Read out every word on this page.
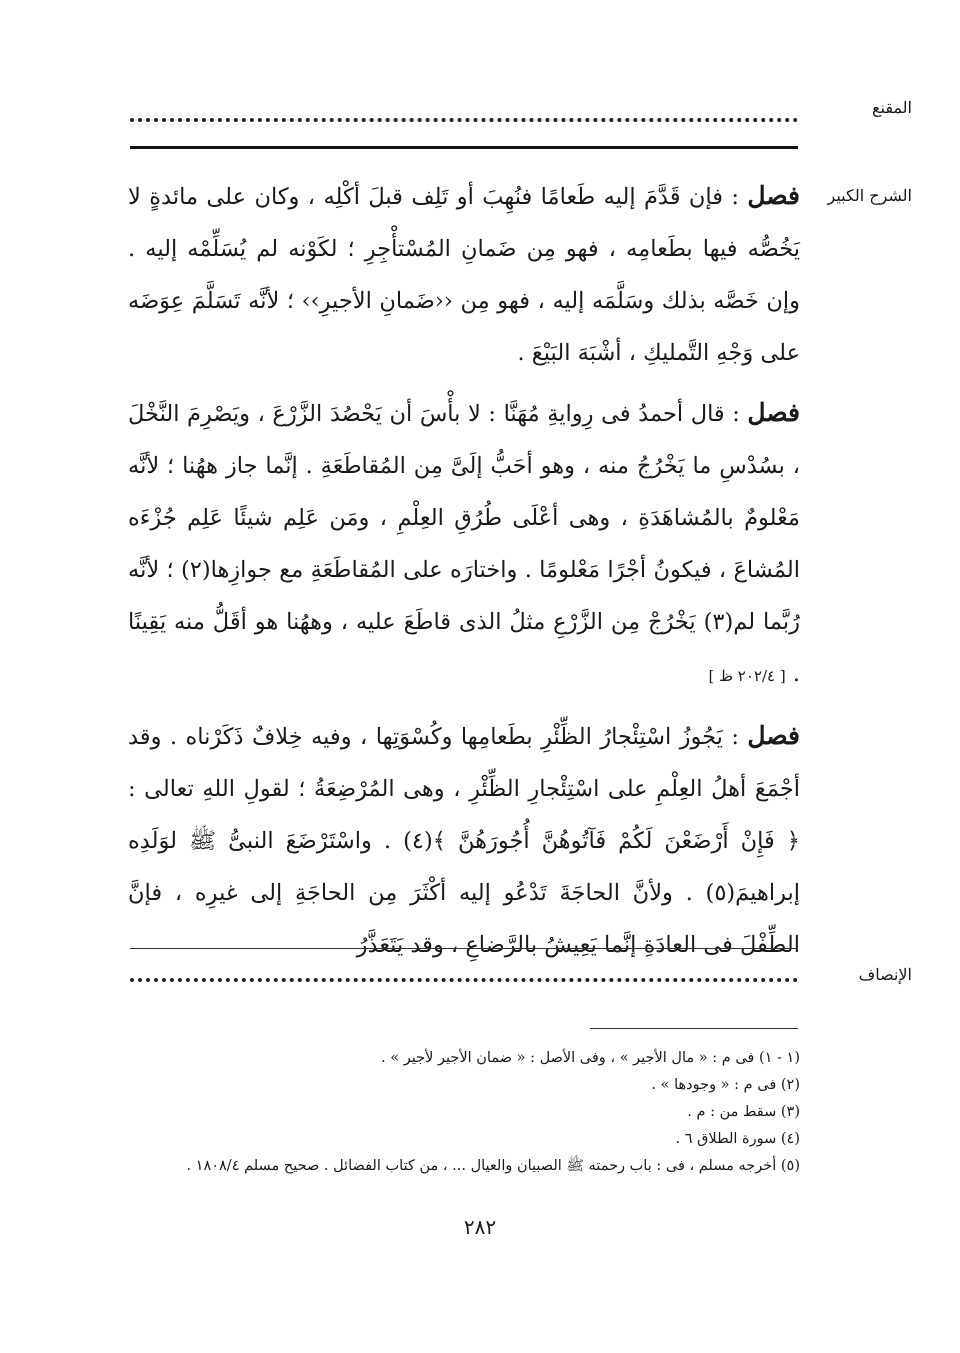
المقنع
الشرح الكبير

فصل : فإن قَدَّمَ إليه طَعامًا فنُهِبَ أو تَلِف قبلَ أكْلِه ، وكان على مائدةٍ لا يَخُصُّه فيها بطَعامِه ، فهو مِن ضَمانِ المُسْتأْجِرِ ؛ لكَوْنه لم يُسَلِّمْه إليه . وإن خَصَّه بذلك وسَلَّمَه إليه ، فهو مِن ‹‹ضَمانِ الأجيرِ›› ؛ لأنَّه تَسَلَّمَ عِوَضَه على وَجْهِ التَّمليكِ ، أشْبَهَ البَيْعَ .

فصل : قال أحمدُ فى رِوايةِ مُهَنَّا : لا بأْسَ أن يَحْصُدَ الزَّرْعَ ، ويَصْرِمَ النَّخْلَ ، بسُدْسِ ما يَخْرُجُ منه ، وهو أحَبُّ إلَىَّ مِن المُقاطَعَةِ . إنَّما جاز ههُنا ؛ لأنَّه مَعْلومٌ بالمُشاهَدَةِ ، وهى أعْلَى طُرُقِ العِلْمِ ، ومَن عَلِم شيئًا عَلِم جُزْءَه المُشاعَ ، فيكونُ أجْرًا مَعْلومًا . واختارَه على المُقاطَعَةِ مع جوازِها(٢) ؛ لأنَّه رُبَّما لم(٣) يَخْرُجْ مِن الزَّرْعِ مثلُ الذى قاطَعَ عليه ، وههُنا هو أقَلُّ منه يَقِينًا . [ ٢٠٢/٤ ظ ]

فصل : يَجُوزُ اسْتِئْجارُ الظِّئْرِ بطَعامِها وكُسْوَتِها ، وفيه خِلافٌ ذَكَرْناه . وقد أجْمَعَ أهلُ العِلْمِ على اسْتِئْجارِ الظِّئْرِ ، وهى المُرْضِعَةُ ؛ لقولِ اللهِ تعالى : ﴿ فَإِنْ أَرْضَعْنَ لَكُمْ فَآتُوهُنَّ أُجُورَهُنَّ ﴾(٤) . واسْتَرْضَعَ النبىُّ ﷺ لوَلَدِه إبراهيمَ(٥) . ولأنَّ الحاجَةَ تَدْعُو إليه أكْثَرَ مِن الحاجَةِ إلى غيرِه ، فإنَّ الطِّفْلَ فى العادَةِ إنَّما يَعِيشُ بالرَّضاعِ ، وقد يَتَعَذَّرُ

الإنصاف
(١ - ١) فى م : « مال الأجير » ، وفى الأصل : « ضمان الأجير لأجير » .
(٢) فى م : « وجودها » .
(٣) سقط من : م .
(٤) سورة الطلاق ٦ .
(٥) أخرجه مسلم ، فى : باب رحمته ﷺ الصبيان والعيال ... ، من كتاب الفضائل . صحيح مسلم ١٨٠٨/٤ .
٢٨٢
